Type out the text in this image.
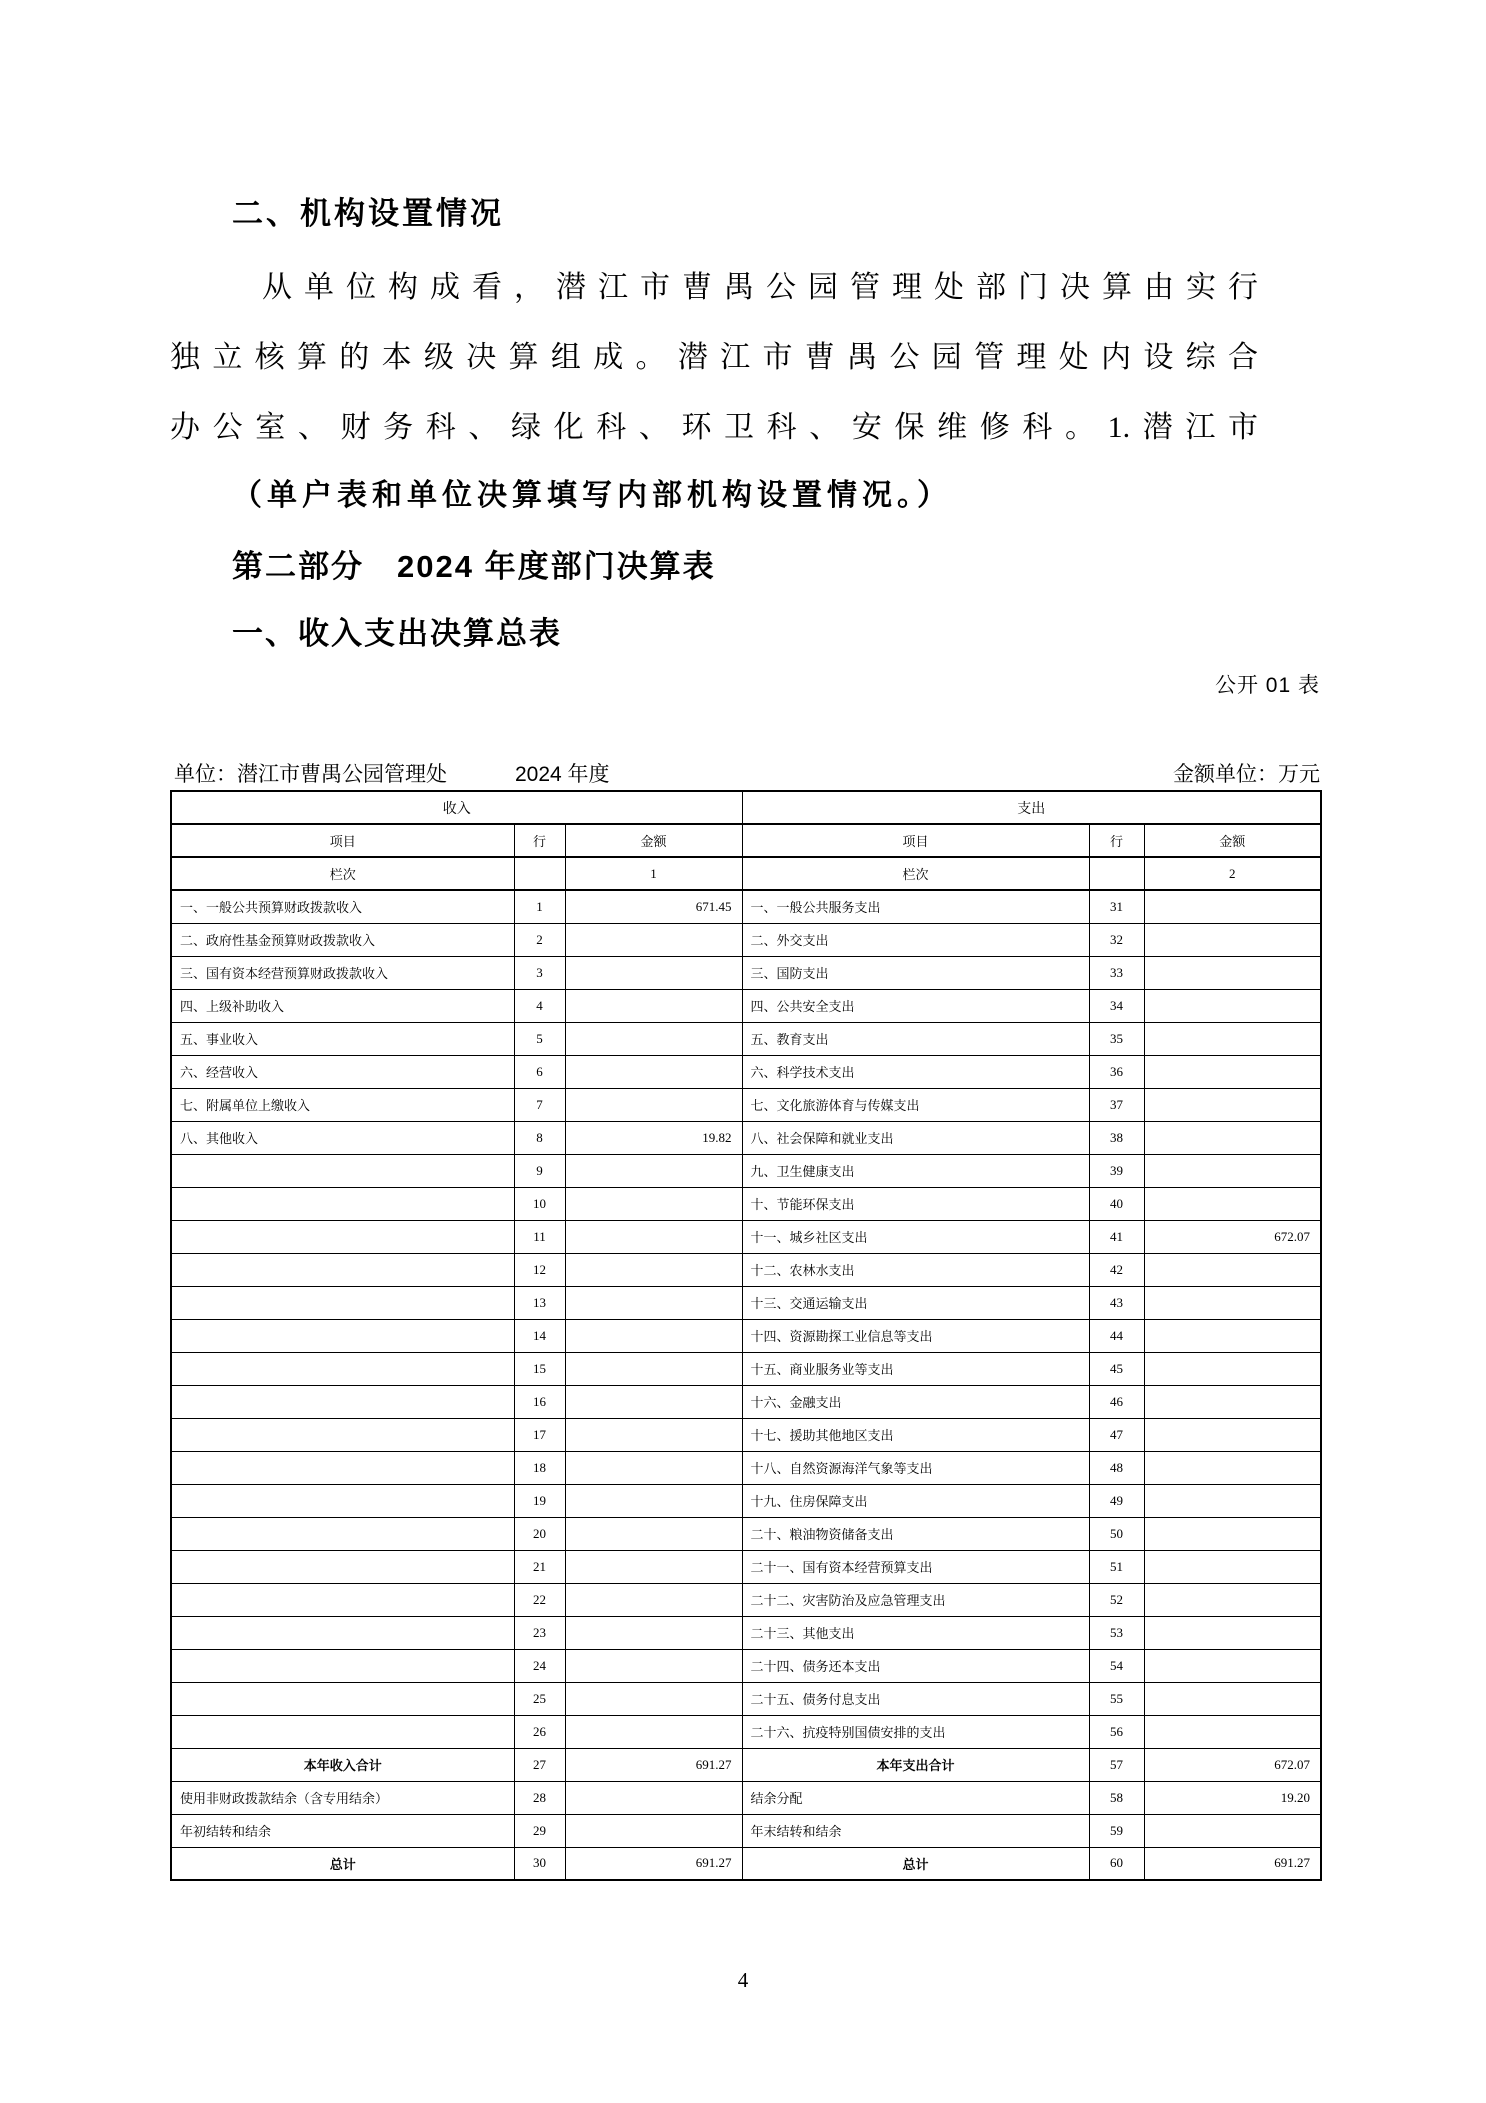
二、机构设置情况
从单位构成看，潜江市曹禺公园管理处部门决算由实行
独立核算的本级决算组成。潜江市曹禺公园管理处内设综合
办公室、财务科、绿化科、环卫科、安保维修科。1.潜江市
（单户表和单位决算填写内部机构设置情况。）
第二部分　2024 年度部门决算表
一、收入支出决算总表
公开 01 表
单位：潜江市曹禺公园管理处	2024 年度	金额单位：万元
收入			支出		
项目	行	金额	项目	行	金额
栏次		1	栏次		2
一、一般公共预算财政拨款收入	1	671.45	一、一般公共服务支出	31	
二、政府性基金预算财政拨款收入	2		二、外交支出	32	
三、国有资本经营预算财政拨款收入	3		三、国防支出	33	
四、上级补助收入	4		四、公共安全支出	34	
五、事业收入	5		五、教育支出	35	
六、经营收入	6		六、科学技术支出	36	
七、附属单位上缴收入	7		七、文化旅游体育与传媒支出	37	
八、其他收入	8	19.82	八、社会保障和就业支出	38	
	9		九、卫生健康支出	39	
	10		十、节能环保支出	40	
	11		十一、城乡社区支出	41	672.07
	12		十二、农林水支出	42	
	13		十三、交通运输支出	43	
	14		十四、资源勘探工业信息等支出	44	
	15		十五、商业服务业等支出	45	
	16		十六、金融支出	46	
	17		十七、援助其他地区支出	47	
	18		十八、自然资源海洋气象等支出	48	
	19		十九、住房保障支出	49	
	20		二十、粮油物资储备支出	50	
	21		二十一、国有资本经营预算支出	51	
	22		二十二、灾害防治及应急管理支出	52	
	23		二十三、其他支出	53	
	24		二十四、债务还本支出	54	
	25		二十五、债务付息支出	55	
	26		二十六、抗疫特别国债安排的支出	56	
本年收入合计	27	691.27	本年支出合计	57	672.07
使用非财政拨款结余（含专用结余）	28		结余分配	58	19.20
年初结转和结余	29		年末结转和结余	59	
总计	30	691.27	总计	60	691.27
4
